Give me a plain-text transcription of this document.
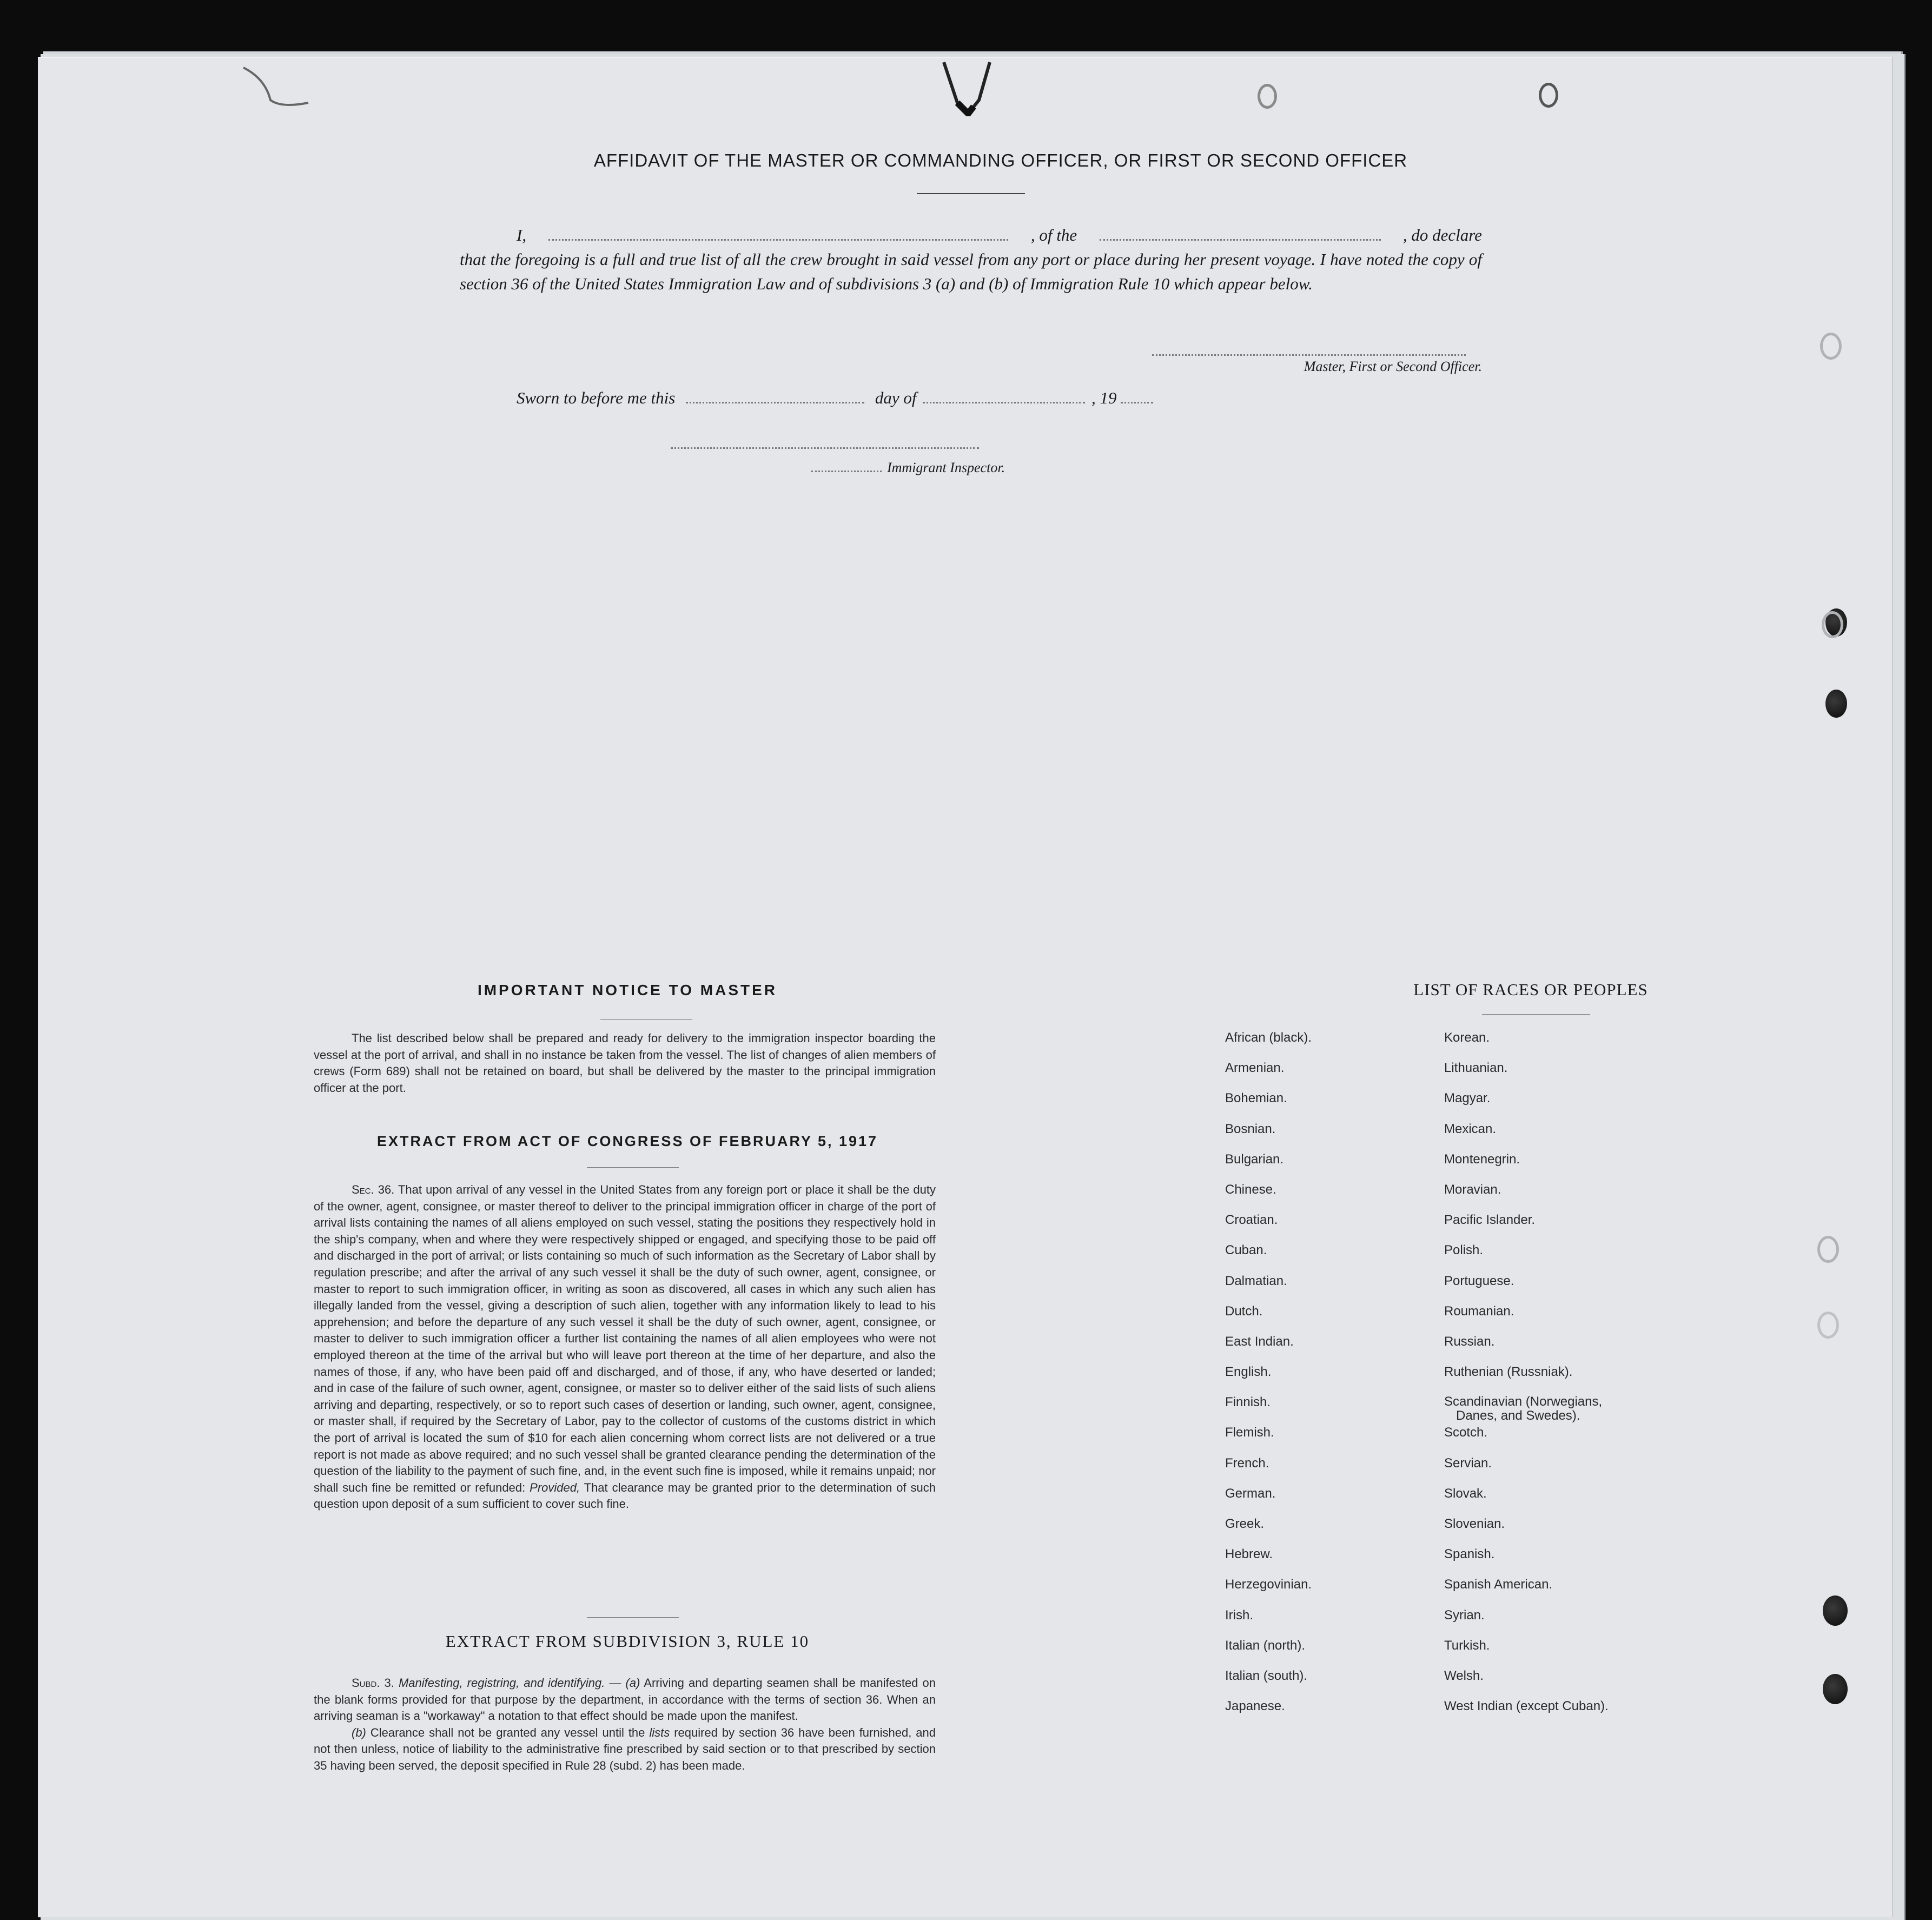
AFFIDAVIT OF THE MASTER OR COMMANDING OFFICER, OR FIRST OR SECOND OFFICER
I,	, of the	, do declare
that the foregoing is a full and true list of all the crew brought in said vessel from any port or place during her present voyage. I have noted the copy of section 36 of the United States Immigration Law and of subdivisions 3 (a) and (b) of Immigration Rule 10 which appear below.
Master, First or Second Officer.
Sworn to before me this	day of	, 19
Immigrant Inspector.
IMPORTANT NOTICE TO MASTER
The list described below shall be prepared and ready for delivery to the immigration inspector boarding the vessel at the port of arrival, and shall in no instance be taken from the vessel. The list of changes of alien members of crews (Form 689) shall not be retained on board, but shall be delivered by the master to the principal immigration officer at the port.
EXTRACT FROM ACT OF CONGRESS OF FEBRUARY 5, 1917
Sec. 36. That upon arrival of any vessel in the United States from any foreign port or place it shall be the duty of the owner, agent, consignee, or master thereof to deliver to the principal immigration officer in charge of the port of arrival lists containing the names of all aliens employed on such vessel, stating the positions they respectively hold in the ship's company, when and where they were respectively shipped or engaged, and specifying those to be paid off and discharged in the port of arrival; or lists containing so much of such information as the Secretary of Labor shall by regulation prescribe; and after the arrival of any such vessel it shall be the duty of such owner, agent, consignee, or master to report to such immigration officer, in writing as soon as discovered, all cases in which any such alien has illegally landed from the vessel, giving a description of such alien, together with any information likely to lead to his apprehension; and before the departure of any such vessel it shall be the duty of such owner, agent, consignee, or master to deliver to such immigration officer a further list containing the names of all alien employees who were not employed thereon at the time of the arrival but who will leave port thereon at the time of her departure, and also the names of those, if any, who have been paid off and discharged, and of those, if any, who have deserted or landed; and in case of the failure of such owner, agent, consignee, or master so to deliver either of the said lists of such aliens arriving and departing, respectively, or so to report such cases of desertion or landing, such owner, agent, consignee, or master shall, if required by the Secretary of Labor, pay to the collector of customs of the customs district in which the port of arrival is located the sum of $10 for each alien concerning whom correct lists are not delivered or a true report is not made as above required; and no such vessel shall be granted clearance pending the determination of the question of the liability to the payment of such fine, and, in the event such fine is imposed, while it remains unpaid; nor shall such fine be remitted or refunded: Provided, That clearance may be granted prior to the determination of such question upon deposit of a sum sufficient to cover such fine.
EXTRACT FROM SUBDIVISION 3, RULE 10

Subd. 3. Manifesting, registring, and identifying. — (a) Arriving and departing seamen shall be manifested on the blank forms provided for that purpose by the department, in accordance with the terms of section 36. When an arriving seaman is a "workaway" a notation to that effect should be made upon the manifest.

(b) Clearance shall not be granted any vessel until the lists required by section 36 have been furnished, and not then unless, notice of liability to the administrative fine prescribed by said section or to that prescribed by section 35 having been served, the deposit specified in Rule 28 (subd. 2) has been made.

LIST OF RACES OR PEOPLES
African (black).
Armenian.
Bohemian.
Bosnian.
Bulgarian.
Chinese.
Croatian.
Cuban.
Dalmatian.
Dutch.
East Indian.
English.
Finnish.
Flemish.
French.
German.
Greek.
Hebrew.
Herzegovinian.
Irish.
Italian (north).
Italian (south).
Japanese.
Korean.
Lithuanian.
Magyar.
Mexican.
Montenegrin.
Moravian.
Pacific Islander.
Polish.
Portuguese.
Roumanian.
Russian.
Ruthenian (Russniak).
Scandinavian (Norwegians,
Danes, and Swedes).
Scotch.
Servian.
Slovak.
Slovenian.
Spanish.
Spanish American.
Syrian.
Turkish.
Welsh.
West Indian (except Cuban).
